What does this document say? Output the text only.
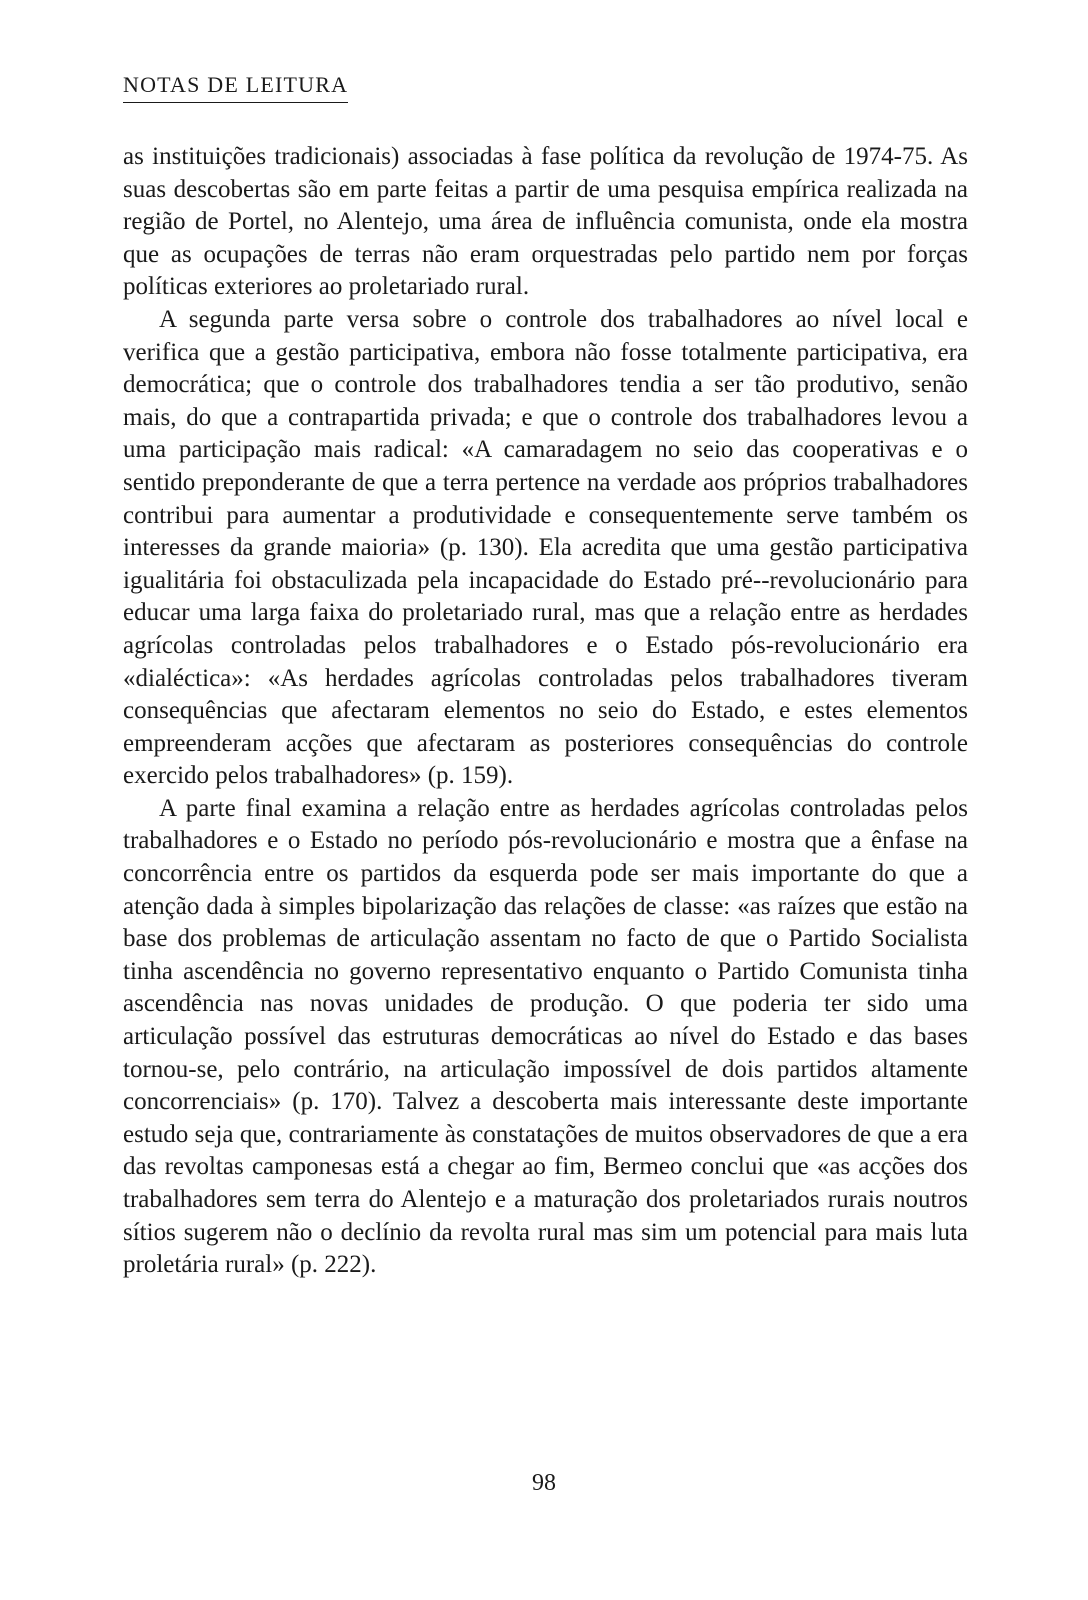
NOTAS DE LEITURA

as instituições tradicionais) associadas à fase política da revolução de 1974-75. As suas descobertas são em parte feitas a partir de uma pesquisa empírica realizada na região de Portel, no Alentejo, uma área de influência comunista, onde ela mostra que as ocupações de terras não eram orquestradas pelo partido nem por forças políticas exteriores ao proletariado rural.

A segunda parte versa sobre o controle dos trabalhadores ao nível local e verifica que a gestão participativa, embora não fosse totalmente participativa, era democrática; que o controle dos trabalhadores tendia a ser tão produtivo, senão mais, do que a contrapartida privada; e que o controle dos trabalhadores levou a uma participação mais radical: «A camaradagem no seio das cooperativas e o sentido preponderante de que a terra pertence na verdade aos próprios trabalhadores contribui para aumentar a produtividade e consequentemente serve também os interesses da grande maioria» (p. 130). Ela acredita que uma gestão participativa igualitária foi obstaculizada pela incapacidade do Estado pré--revolucionário para educar uma larga faixa do proletariado rural, mas que a relação entre as herdades agrícolas controladas pelos trabalhadores e o Estado pós-revolucionário era «dialéctica»: «As herdades agrícolas controladas pelos trabalhadores tiveram consequências que afectaram elementos no seio do Estado, e estes elementos empreenderam acções que afectaram as posteriores consequências do controle exercido pelos trabalhadores» (p. 159).

A parte final examina a relação entre as herdades agrícolas controladas pelos trabalhadores e o Estado no período pós-revolucionário e mostra que a ênfase na concorrência entre os partidos da esquerda pode ser mais importante do que a atenção dada à simples bipolarização das relações de classe: «as raízes que estão na base dos problemas de articulação assentam no facto de que o Partido Socialista tinha ascendência no governo representativo enquanto o Partido Comunista tinha ascendência nas novas unidades de produção. O que poderia ter sido uma articulação possível das estruturas democráticas ao nível do Estado e das bases tornou-se, pelo contrário, na articulação impossível de dois partidos altamente concorrenciais» (p. 170). Talvez a descoberta mais interessante deste importante estudo seja que, contrariamente às constatações de muitos observadores de que a era das revoltas camponesas está a chegar ao fim, Bermeo conclui que «as acções dos trabalhadores sem terra do Alentejo e a maturação dos proletariados rurais noutros sítios sugerem não o declínio da revolta rural mas sim um potencial para mais luta proletária rural» (p. 222).

98
